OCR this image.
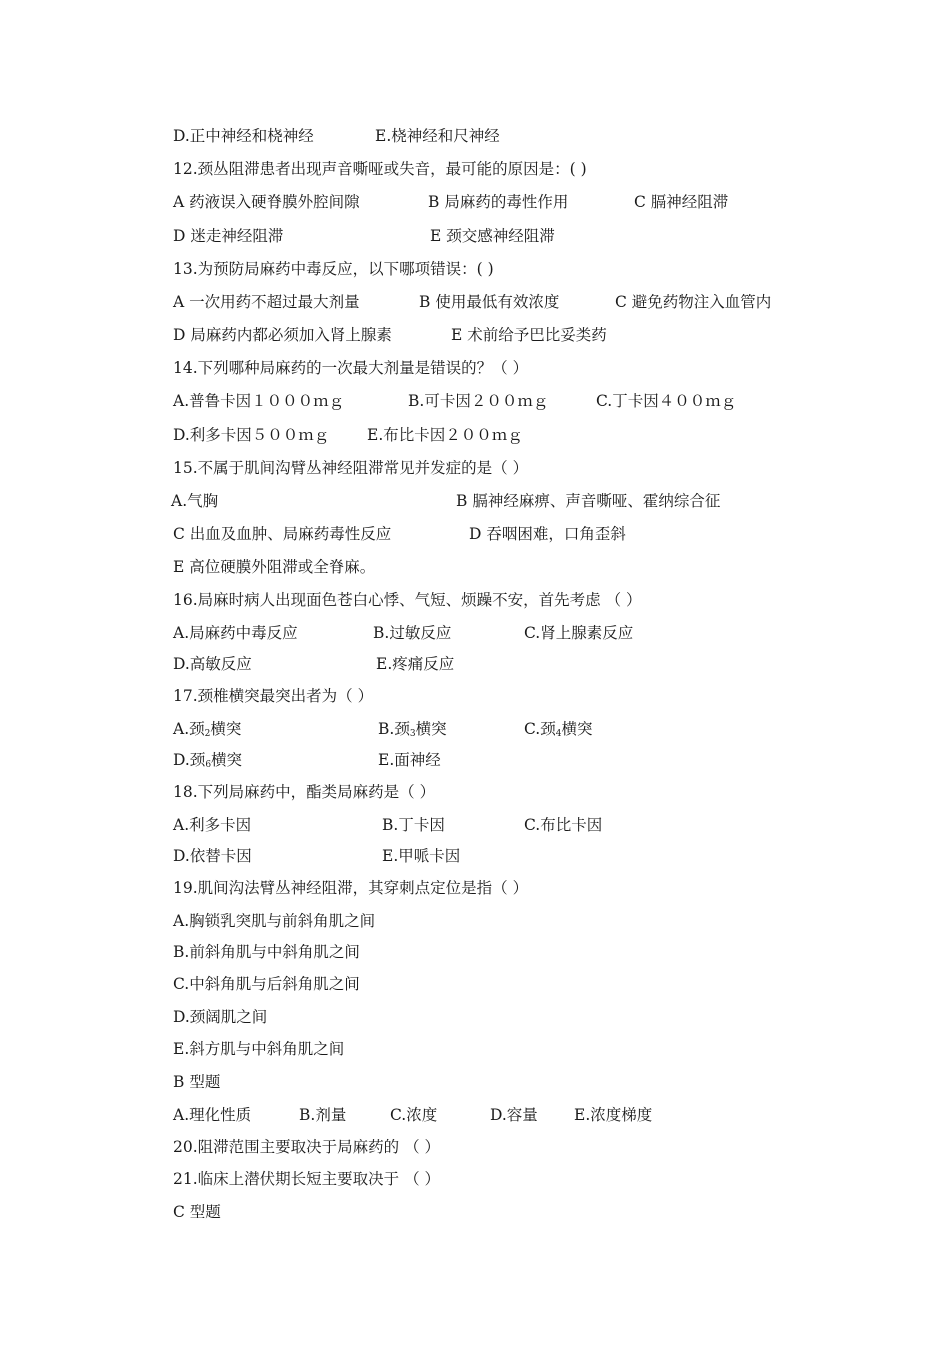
D.正中神经和桡神经	E.桡神经和尺神经
12.颈丛阻滞患者出现声音嘶哑或失音，最可能的原因是：( )
A 药液误入硬脊膜外腔间隙	B 局麻药的毒性作用	C 膈神经阻滞
D 迷走神经阻滞	E 颈交感神经阻滞
13.为预防局麻药中毒反应，以下哪项错误：( )
A 一次用药不超过最大剂量	B 使用最低有效浓度	C 避免药物注入血管内
D 局麻药内都必须加入肾上腺素	E 术前给予巴比妥类药
14.下列哪种局麻药的一次最大剂量是错误的？（ ）
A.普鲁卡因１０００ｍｇ	B.可卡因２００ｍｇ	C.丁卡因４００ｍｇ
D.利多卡因５００ｍｇ E.布比卡因２００ｍｇ
15.不属于肌间沟臂丛神经阻滞常见并发症的是（ ）
A.气胸	B 膈神经麻痹、声音嘶哑、霍纳综合征
C 出血及血肿、局麻药毒性反应	D 吞咽困难，口角歪斜
E 高位硬膜外阻滞或全脊麻。
16.局麻时病人出现面色苍白心悸、气短、烦躁不安，首先考虑 （ ）
A.局麻药中毒反应	B.过敏反应	C.肾上腺素反应
D.高敏反应	E.疼痛反应
17.颈椎横突最突出者为（ ）
A.颈$_2$横突	B.颈$_3$横突	C.颈$_4$横突
D.颈$_6$横突	E.面神经
18.下列局麻药中，酯类局麻药是（ ）
A.利多卡因	B.丁卡因	C.布比卡因
D.依替卡因	E.甲哌卡因
19.肌间沟法臂丛神经阻滞，其穿刺点定位是指（ ）
A.胸锁乳突肌与前斜角肌之间
B.前斜角肌与中斜角肌之间
C.中斜角肌与后斜角肌之间
D.颈阔肌之间
E.斜方肌与中斜角肌之间
B 型题
A.理化性质	B.剂量	C.浓度	D.容量 E.浓度梯度
20.阻滞范围主要取决于局麻药的 （ ）
21.临床上潜伏期长短主要取决于 （ ）
C 型题
